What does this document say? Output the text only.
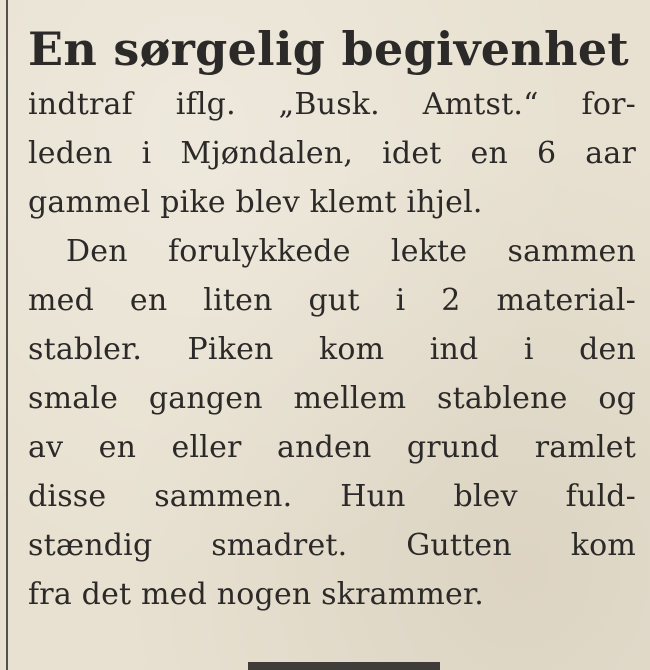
En sørgelig begivenhet

indtraf iflg. „Busk. Amtst.“ for-

leden i Mjøndalen, idet en 6 aar

gammel pike blev klemt ihjel.

Den forulykkede lekte sammen

med en liten gut i 2 material-

stabler. Piken kom ind i den

smale gangen mellem stablene og

av en eller anden grund ramlet

disse sammen. Hun blev fuld-

stændig smadret. Gutten kom

fra det med nogen skrammer.
